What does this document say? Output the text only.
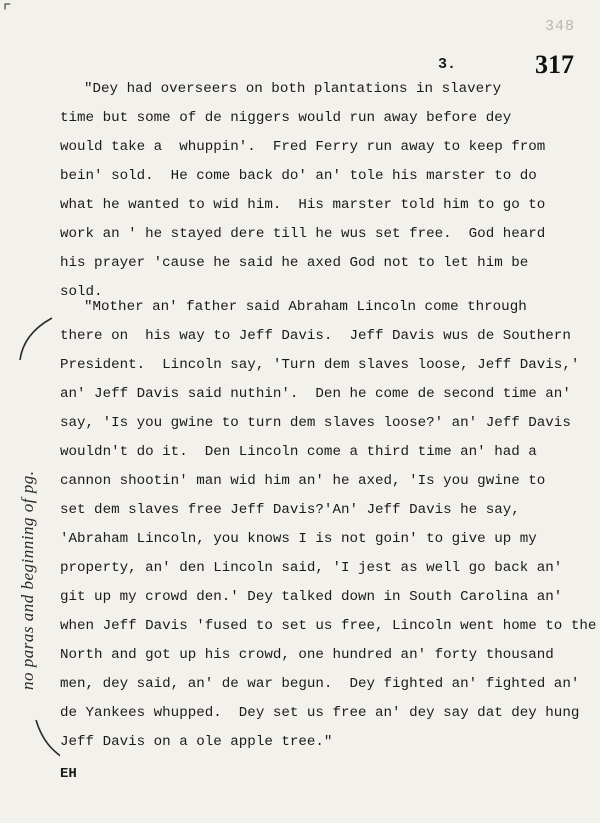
⌜
348
3.	317
no paras and beginning of pg.
"Dey had overseers on both plantations in slavery
time but some of de niggers would run away before dey
would take a  whuppin'.  Fred Ferry run away to keep from
bein' sold.  He come back do' an' tole his marster to do
what he wanted to wid him.  His marster told him to go to
work an ' he stayed dere till he wus set free.  God heard
his prayer 'cause he said he axed God not to let him be
sold.
"Mother an' father said Abraham Lincoln come through
there on  his way to Jeff Davis.  Jeff Davis wus de Southern
President.  Lincoln say, 'Turn dem slaves loose, Jeff Davis,'
an' Jeff Davis said nuthin'.  Den he come de second time an'
say, 'Is you gwine to turn dem slaves loose?' an' Jeff Davis
wouldn't do it.  Den Lincoln come a third time an' had a
cannon shootin' man wid him an' he axed, 'Is you gwine to
set dem slaves free Jeff Davis?'An' Jeff Davis he say,
'Abraham Lincoln, you knows I is not goin' to give up my
property, an' den Lincoln said, 'I jest as well go back an'
git up my crowd den.' Dey talked down in South Carolina an'
when Jeff Davis 'fused to set us free, Lincoln went home to the
North and got up his crowd, one hundred an' forty thousand
men, dey said, an' de war begun.  Dey fighted an' fighted an'
de Yankees whupped.  Dey set us free an' dey say dat dey hung
Jeff Davis on a ole apple tree."
EH
